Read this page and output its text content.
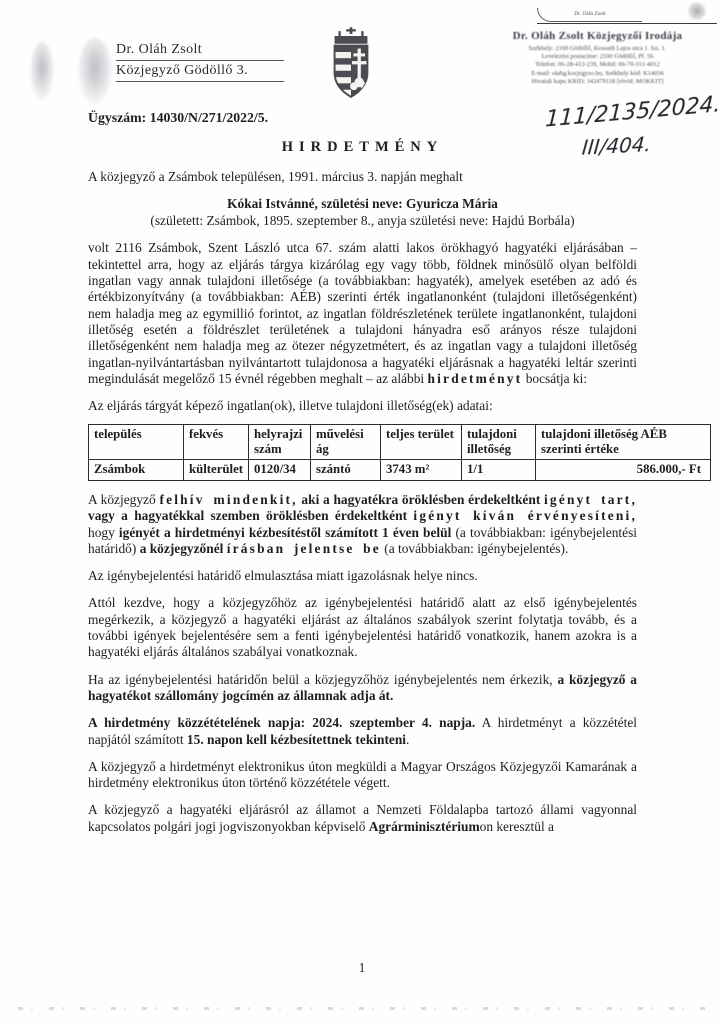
Dr. Oláh Zsolt
Közjegyző Gödöllő 3.
Dr. Oláh Zsolt
Dr. Oláh Zsolt Közjegyzői Irodája
Székhely: 2100 Gödöllő, Kossuth Lajos utca 1. fsz. 1.
Levelezési postacíme: 2100 Gödöllő, Pf. 56
Telefon: 06-28-413-239, Mobil: 06-70-311-4012
E-mail: olahg.kozjegyzo.hu, Székhely kód: K14036
Hivatali kapu KRID: 342479118 [rövid: MOKKIT]
111/2135/2024.
III/404.
Ügyszám: 14030/N/271/2022/5.
HIRDETMÉNY
A közjegyző a Zsámbok településen, 1991. március 3. napján meghalt
Kókai Istvánné, születési neve: Gyuricza Mária
(született: Zsámbok, 1895. szeptember 8., anyja születési neve: Hajdú Borbála)

volt 2116 Zsámbok, Szent László utca 67. szám alatti lakos örökhagyó hagyatéki eljárásában – tekintettel arra, hogy az eljárás tárgya kizárólag egy vagy több, földnek minősülő olyan belföldi ingatlan vagy annak tulajdoni illetősége (a továbbiakban: hagyaték), amelyek esetében az adó és értékbizonyítvány (a továbbiakban: AÉB) szerinti érték ingatlanonként (tulajdoni illetőségenként) nem haladja meg az egymillió forintot, az ingatlan földrészletének területe ingatlanonként, tulajdoni illetőség esetén a földrészlet területének a tulajdoni hányadra eső arányos része tulajdoni illetőségenként nem haladja meg az ötezer négyzetmétert, és az ingatlan vagy a tulajdoni illetőség ingatlan-nyilvántartásban nyilvántartott tulajdonosa a hagyatéki eljárásnak a hagyatéki leltár szerinti megindulását megelőző 15 évnél régebben meghalt – az alábbi hirdetményt bocsátja ki:

Az eljárás tárgyát képező ingatlan(ok), illetve tulajdoni illetőség(ek) adatai:

település	fekvés	helyrajzi szám	művelési ág	teljes terület	tulajdoni illetőség	tulajdoni illetőség AÉB szerinti értéke
Zsámbok	külterület	0120/34	szántó	3743 m²	1/1	586.000,- Ft

A közjegyző felhív mindenkit, aki a hagyatékra öröklésben érdekeltként igényt tart, vagy a hagyatékkal szemben öröklésben érdekeltként igényt kíván érvényesíteni, hogy igényét a hirdetményi kézbesítéstől számított 1 éven belül (a továbbiakban: igénybejelentési határidő) a közjegyzőnél írásban jelentse be (a továbbiakban: igénybejelentés).

Az igénybejelentési határidő elmulasztása miatt igazolásnak helye nincs.

Attól kezdve, hogy a közjegyzőhöz az igénybejelentési határidő alatt az első igénybejelentés megérkezik, a közjegyző a hagyatéki eljárást az általános szabályok szerint folytatja tovább, és a további igények bejelentésére sem a fenti igénybejelentési határidő vonatkozik, hanem azokra is a hagyatéki eljárás általános szabályai vonatkoznak.

Ha az igénybejelentési határidőn belül a közjegyzőhöz igénybejelentés nem érkezik, a közjegyző a hagyatékot szállomány jogcímén az államnak adja át.

A hirdetmény közzétételének napja: 2024. szeptember 4. napja. A hirdetményt a közzététel napjától számított 15. napon kell kézbesítettnek tekinteni.

A közjegyző a hirdetményt elektronikus úton megküldi a Magyar Országos Közjegyzői Kamarának a hirdetmény elektronikus úton történő közzététele végett.

A közjegyző a hagyatéki eljárásról az államot a Nemzeti Földalapba tartozó állami vagyonnal kapcsolatos polgári jogi jogviszonyokban képviselő Agrárminisztériumon keresztül a

1
